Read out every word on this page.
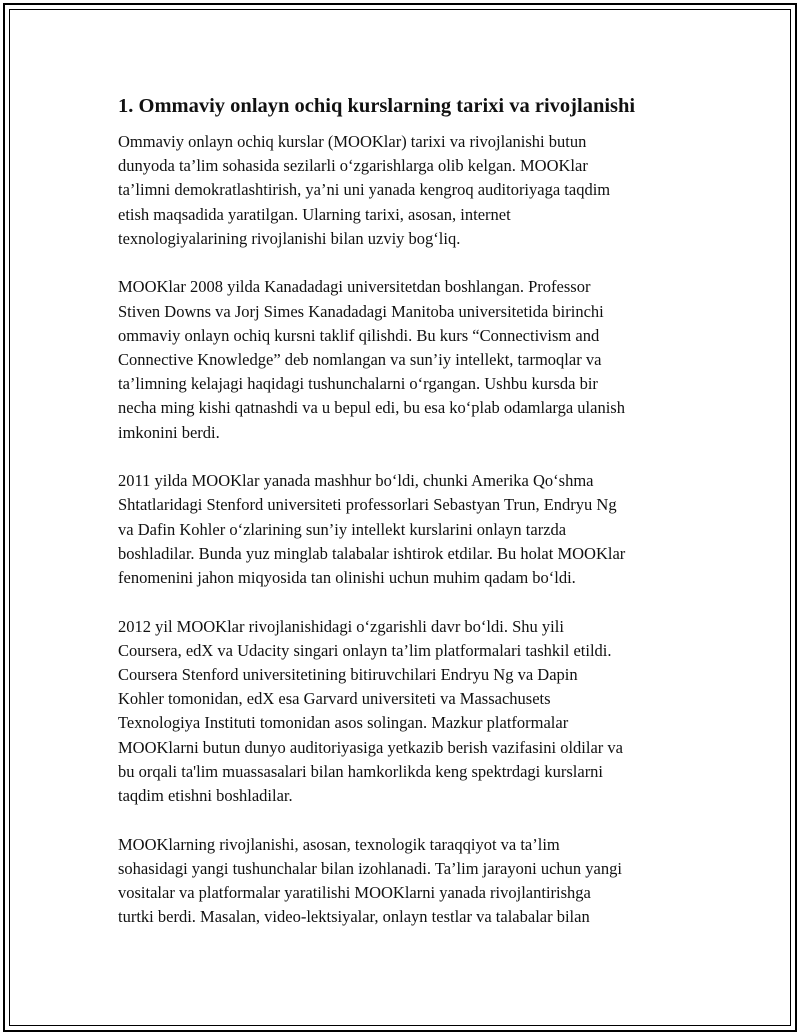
1. Ommaviy onlayn ochiq kurslarning tarixi va rivojlanishi

Ommaviy onlayn ochiq kurslar (MOOKlar) tarixi va rivojlanishi butun
dunyoda ta’lim sohasida sezilarli o‘zgarishlarga olib kelgan. MOOKlar
ta’limni demokratlashtirish, ya’ni uni yanada kengroq auditoriyaga taqdim
etish maqsadida yaratilgan. Ularning tarixi, asosan, internet
texnologiyalarining rivojlanishi bilan uzviy bog‘liq.

MOOKlar 2008 yilda Kanadadagi universitetdan boshlangan. Professor
Stiven Downs va Jorj Simes Kanadadagi Manitoba universitetida birinchi
ommaviy onlayn ochiq kursni taklif qilishdi. Bu kurs “Connectivism and
Connective Knowledge” deb nomlangan va sun’iy intellekt, tarmoqlar va
ta’limning kelajagi haqidagi tushunchalarni o‘rgangan. Ushbu kursda bir
necha ming kishi qatnashdi va u bepul edi, bu esa ko‘plab odamlarga ulanish
imkonini berdi.

2011 yilda MOOKlar yanada mashhur bo‘ldi, chunki Amerika Qo‘shma
Shtatlaridagi Stenford universiteti professorlari Sebastyan Trun, Endryu Ng
va Dafin Kohler o‘zlarining sun’iy intellekt kurslarini onlayn tarzda
boshladilar. Bunda yuz minglab talabalar ishtirok etdilar. Bu holat MOOKlar
fenomenini jahon miqyosida tan olinishi uchun muhim qadam bo‘ldi.

2012 yil MOOKlar rivojlanishidagi o‘zgarishli davr bo‘ldi. Shu yili
Coursera, edX va Udacity singari onlayn ta’lim platformalari tashkil etildi.
Coursera Stenford universitetining bitiruvchilari Endryu Ng va Dapin
Kohler tomonidan, edX esa Garvard universiteti va Massachusets
Texnologiya Instituti tomonidan asos solingan. Mazkur platformalar
MOOKlarni butun dunyo auditoriyasiga yetkazib berish vazifasini oldilar va
bu orqali ta'lim muassasalari bilan hamkorlikda keng spektrdagi kurslarni
taqdim etishni boshladilar.

MOOKlarning rivojlanishi, asosan, texnologik taraqqiyot va ta’lim
sohasidagi yangi tushunchalar bilan izohlanadi. Ta’lim jarayoni uchun yangi
vositalar va platformalar yaratilishi MOOKlarni yanada rivojlantirishga
turtki berdi. Masalan, video-lektsiyalar, onlayn testlar va talabalar bilan
